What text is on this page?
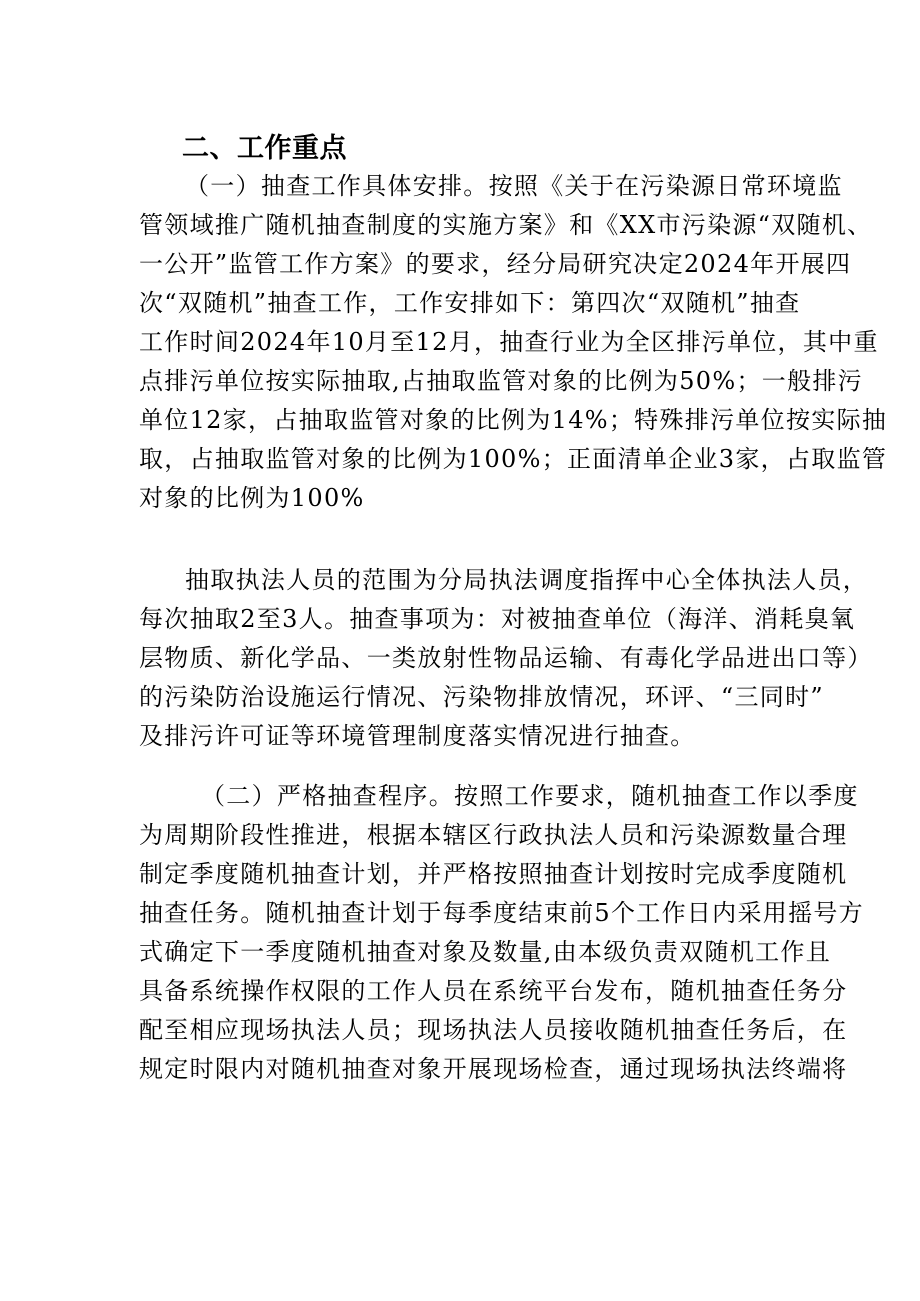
二、工作重点
（一）抽查工作具体安排。按照《关于在污染源日常环境监
管领域推广随机抽查制度的实施方案》和《XX市污染源“双随机、
一公开”监管工作方案》的要求，经分局研究决定2024年开展四
次“双随机”抽查工作，工作安排如下：第四次“双随机”抽查
工作时间2024年10月至12月，抽查行业为全区排污单位，其中重
点排污单位按实际抽取,占抽取监管对象的比例为50%；一般排污
单位12家，占抽取监管对象的比例为14%；特殊排污单位按实际抽
取，占抽取监管对象的比例为100%；正面清单企业3家，占取监管
对象的比例为100%
抽取执法人员的范围为分局执法调度指挥中心全体执法人员，
每次抽取2至3人。抽查事项为：对被抽查单位（海洋、消耗臭氧
层物质、新化学品、一类放射性物品运输、有毒化学品进出口等）
的污染防治设施运行情况、污染物排放情况，环评、“三同时”
及排污许可证等环境管理制度落实情况进行抽查。
（二）严格抽查程序。按照工作要求，随机抽查工作以季度
为周期阶段性推进，根据本辖区行政执法人员和污染源数量合理
制定季度随机抽查计划，并严格按照抽查计划按时完成季度随机
抽查任务。随机抽查计划于每季度结束前5个工作日内采用摇号方
式确定下一季度随机抽查对象及数量,由本级负责双随机工作且
具备系统操作权限的工作人员在系统平台发布，随机抽查任务分
配至相应现场执法人员；现场执法人员接收随机抽查任务后，在
规定时限内对随机抽查对象开展现场检查，通过现场执法终端将
